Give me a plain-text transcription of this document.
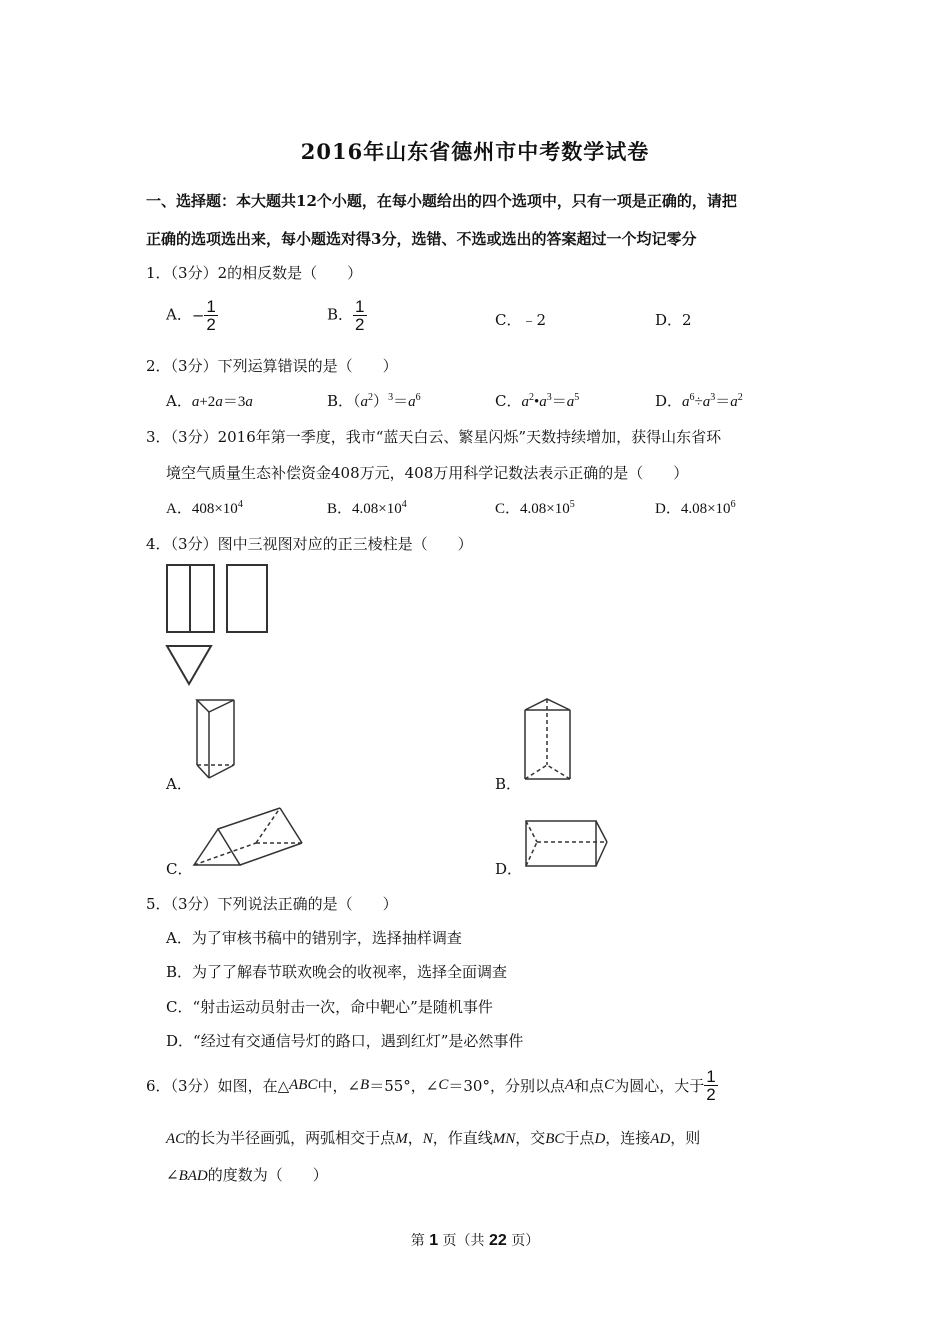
2016年山东省德州市中考数学试卷
一、选择题：本大题共12个小题，在每小题给出的四个选项中，只有一项是正确的，请把
正确的选项选出来，每小题选对得3分，选错、不选或选出的答案超过一个均记零分
1．（3分）2的相反数是（　　）
A．− $\frac{1}{2}$	B． $\frac{1}{2}$	C．﹣2	D．2
2．（3分）下列运算错误的是（　　）
A．a+2a＝3a	B．$(a^2)^3=a^6$	C．$a^2•a^3=a^5$	D．$a^6\div a^3=a^2$
3．（3分）2016年第一季度，我市“蓝天白云、繁星闪烁”天数持续增加，获得山东省环
境空气质量生态补偿资金408万元，408万用科学记数法表示正确的是（　　）
A．$408\times 10^4$	B．$4.08\times 10^4$	C．$4.08\times 10^5$	D．$4.08\times 10^6$
4．（3分）图中三视图对应的正三棱柱是（　　）
A．	B．
C．	D．
5．（3分）下列说法正确的是（　　）
A．为了审核书稿中的错别字，选择抽样调查
B．为了了解春节联欢晚会的收视率，选择全面调查
C．“射击运动员射击一次，命中靶心”是随机事件
D．“经过有交通信号灯的路口，遇到红灯”是必然事件
6．（3分）如图，在△ABC中，∠B＝55°，∠C＝30°，分别以点A和点C为圆心，大于 $\frac{1}{2}$
AC的长为半径画弧，两弧相交于点M，N，作直线MN，交BC于点D，连接AD，则
∠BAD的度数为（　　）
第 1 页（共 22 页）
